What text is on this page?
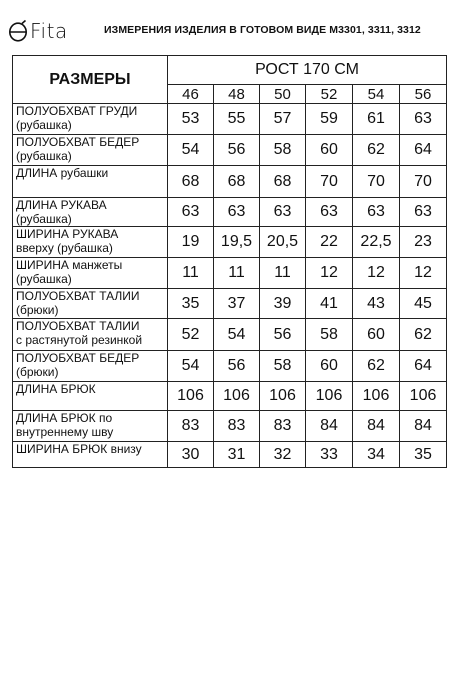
Fita	ИЗМЕРЕНИЯ ИЗДЕЛИЯ В ГОТОВОМ ВИДЕ М3301, 3311, 3312
РАЗМЕРЫ	РОСТ 170 СМ					
	46	48	50	52	54	56

ПОЛУОБХВАТ ГРУДИ
(рубашка)	53	55	57	59	61	63

ПОЛУОБХВАТ БЕДЕР
(рубашка)	54	56	58	60	62	64

ДЛИНА рубашки	68	68	68	70	70	70

ДЛИНА РУКАВА
(рубашка)	63	63	63	63	63	63

ШИРИНА РУКАВА
вверху (рубашка)	19	19,5	20,5	22	22,5	23

ШИРИНА манжеты
(рубашка)	11	11	11	12	12	12

ПОЛУОБХВАТ ТАЛИИ
(брюки)	35	37	39	41	43	45

ПОЛУОБХВАТ ТАЛИИ
с растянутой резинкой	52	54	56	58	60	62

ПОЛУОБХВАТ БЕДЕР
(брюки)	54	56	58	60	62	64

ДЛИНА БРЮК	106	106	106	106	106	106

ДЛИНА БРЮК по
внутреннему шву	83	83	83	84	84	84

ШИРИНА БРЮК внизу	30	31	32	33	34	35
